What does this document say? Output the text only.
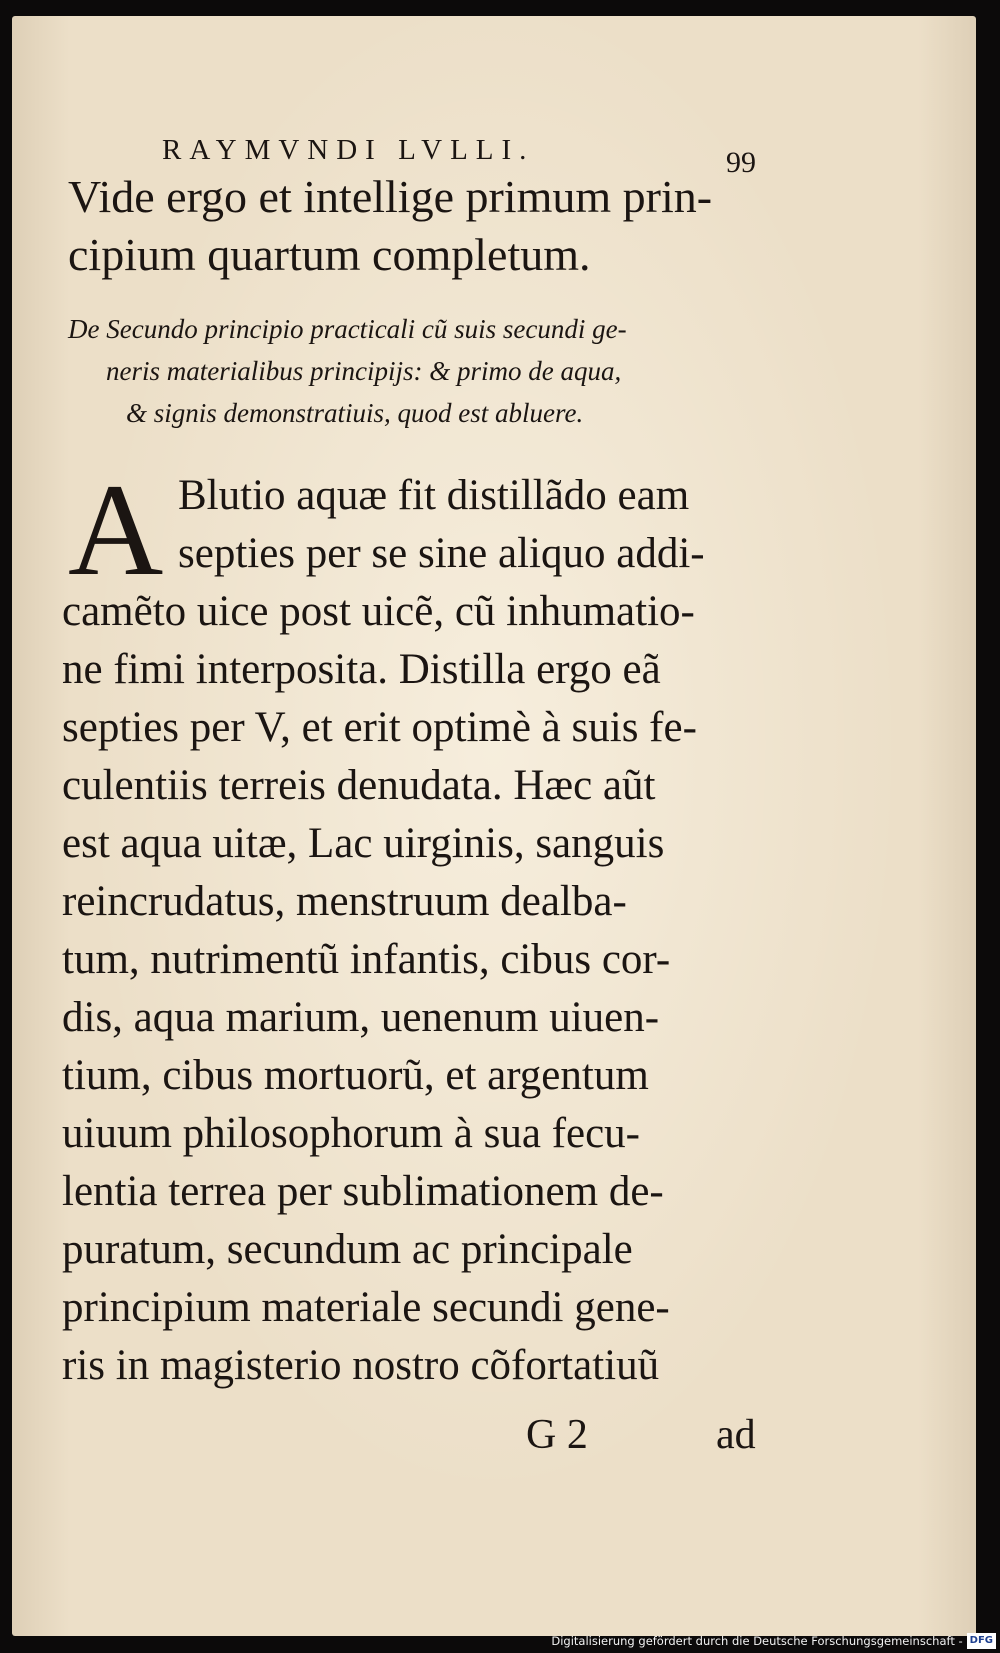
RAYMVNDI LVLLI.	99
Vide ergo et intellige primum prin-
cipium quartum completum.
De Secundo principio practicali cũ suis secundi ge-
neris materialibus principijs: & primo de aqua,
& signis demonstratiuis, quod est abluere.
A Blutio aquæ fit distillãdo eam
septies per se sine aliquo addi-
camẽto uice post uicẽ, cũ inhumatio-
ne fimi interposita. Distilla ergo eã
septies per V, et erit optimè à suis fe-
culentiis terreis denudata. Hæc aũt
est aqua uitæ, Lac uirginis, sanguis
reincrudatus, menstruum dealba-
tum, nutrimentũ infantis, cibus cor-
dis, aqua marium, uenenum uiuen-
tium, cibus mortuorũ, et argentum
uiuum philosophorum à sua fecu-
lentia terrea per sublimationem de-
puratum, secundum ac principale
principium materiale secundi gene-
ris in magisterio nostro cõfortatiuũ
G 2	ad
Digitalisierung gefördert durch die Deutsche Forschungsgemeinschaft - DFG
